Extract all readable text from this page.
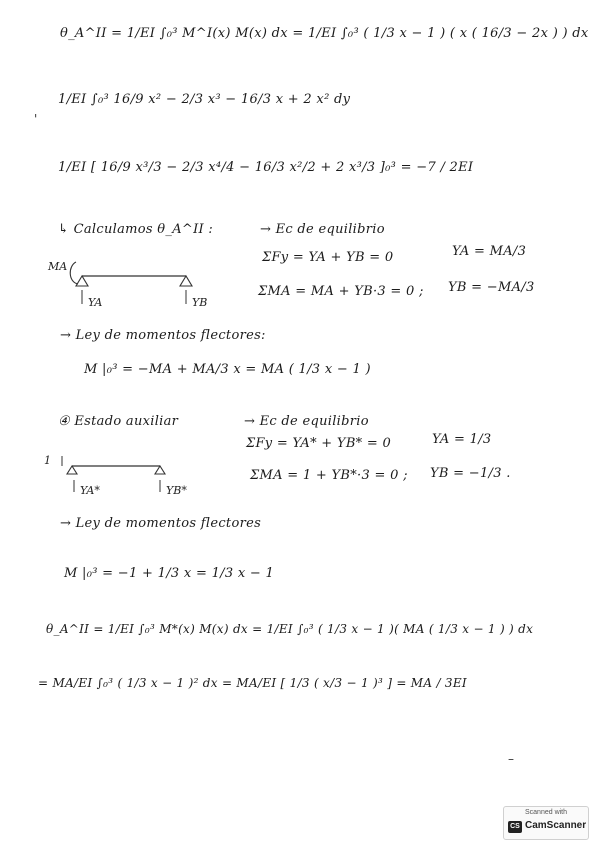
θ_A^II = 1/EI ∫₀³ M^I(x) M(x) dx = 1/EI ∫₀³ ( 1/3 x − 1 ) ( x ( 16/3 − 2x ) ) dx
'
1/EI ∫₀³ 16/9 x² − 2/3 x³ − 16/3 x + 2 x² dy
1/EI [ 16/9 x³/3 − 2/3 x⁴/4 − 16/3 x²/2 + 2 x³/3 ]₀³ = −7 / 2EI
↳ Calculamos θ_A^II :	→ Ec de equilibrio
MA
YA	YB
ΣFy = YA + YB = 0	YA = MA/3
ΣMA = MA + YB·3 = 0 ; YB = −MA/3
→ Ley de momentos flectores:
M |₀³ = −MA + MA/3 x = MA ( 1/3 x − 1 )
④ Estado auxiliar	→ Ec de equilibrio
1
YA*	YB*
ΣFy = YA* + YB* = 0	YA = 1/3
ΣMA = 1 + YB*·3 = 0 ; YB = −1/3 .
→ Ley de momentos flectores
M |₀³ = −1 + 1/3 x = 1/3 x − 1
θ_A^II = 1/EI ∫₀³ M*(x) M(x) dx = 1/EI ∫₀³ ( 1/3 x − 1 )( MA ( 1/3 x − 1 ) ) dx
= MA/EI ∫₀³ ( 1/3 x − 1 )² dx = MA/EI [ 1/3 ( x/3 − 1 )³ ] = MA / 3EI
–
Scanned with
CS CamScanner
